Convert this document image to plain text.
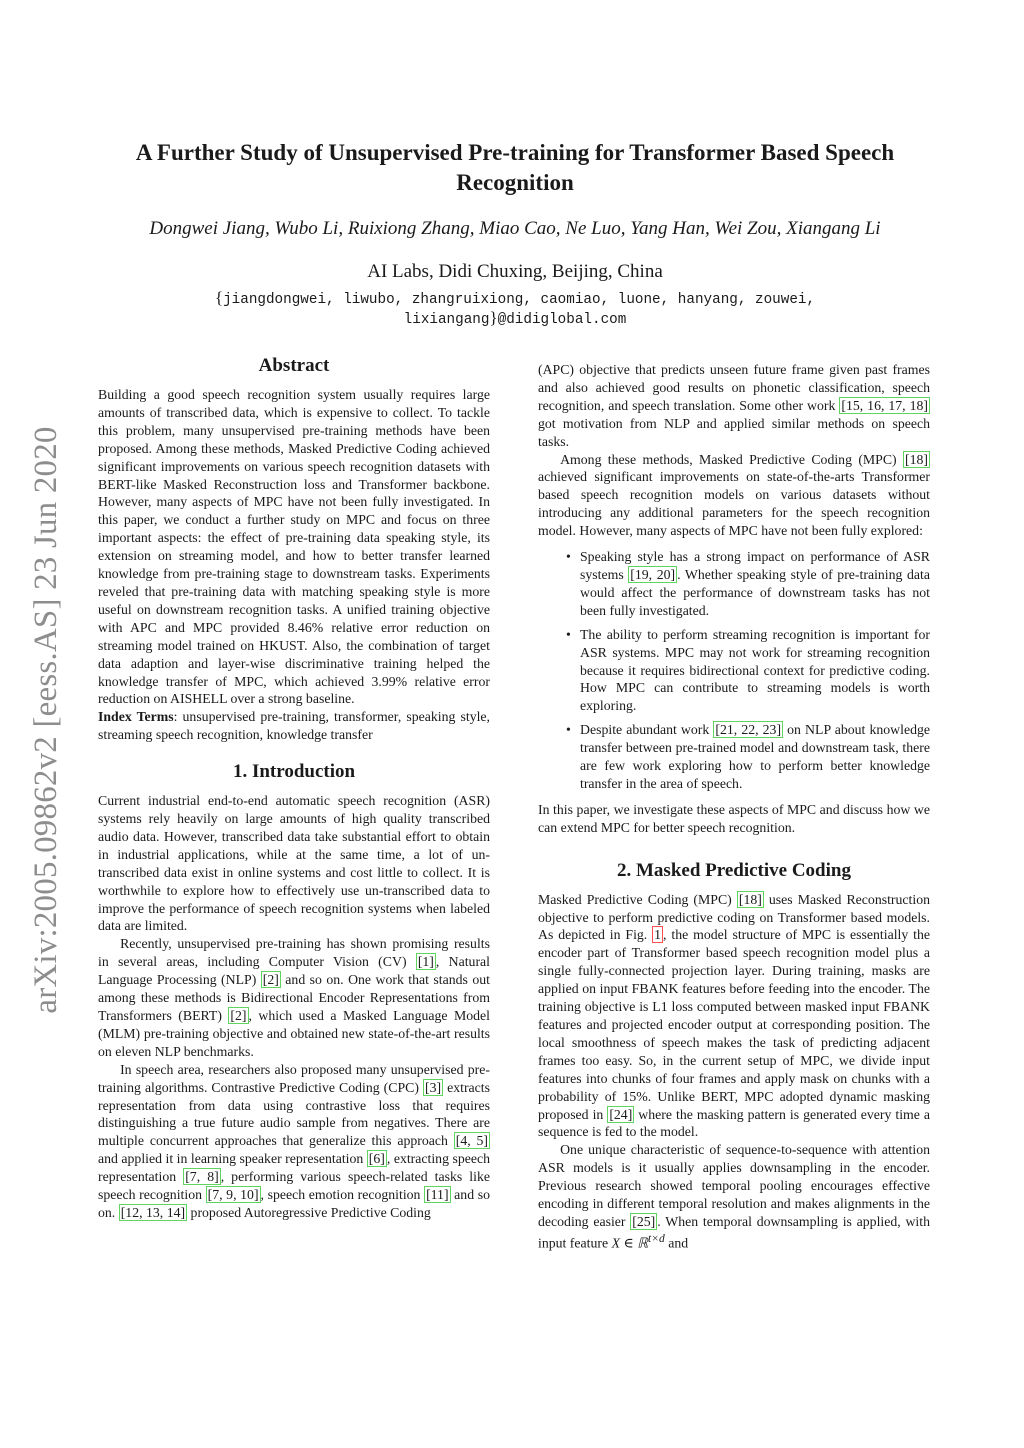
arXiv:2005.09862v2 [eess.AS] 23 Jun 2020
A Further Study of Unsupervised Pre-training for Transformer Based Speech Recognition
Dongwei Jiang, Wubo Li, Ruixiong Zhang, Miao Cao, Ne Luo, Yang Han, Wei Zou, Xiangang Li
AI Labs, Didi Chuxing, Beijing, China
{jiangdongwei, liwubo, zhangruixiong, caomiao, luone, hanyang, zouwei, lixiangang}@didiglobal.com
Abstract

Building a good speech recognition system usually requires large amounts of transcribed data, which is expensive to collect. To tackle this problem, many unsupervised pre-training methods have been proposed. Among these methods, Masked Predictive Coding achieved significant improvements on various speech recognition datasets with BERT-like Masked Reconstruction loss and Transformer backbone. However, many aspects of MPC have not been fully investigated. In this paper, we conduct a further study on MPC and focus on three important aspects: the effect of pre-training data speaking style, its extension on streaming model, and how to better transfer learned knowledge from pre-training stage to downstream tasks. Experiments reveled that pre-training data with matching speaking style is more useful on downstream recognition tasks. A unified training objective with APC and MPC provided 8.46% relative error reduction on streaming model trained on HKUST. Also, the combination of target data adaption and layer-wise discriminative training helped the knowledge transfer of MPC, which achieved 3.99% relative error reduction on AISHELL over a strong baseline.

Index Terms: unsupervised pre-training, transformer, speaking style, streaming speech recognition, knowledge transfer

1. Introduction

Current industrial end-to-end automatic speech recognition (ASR) systems rely heavily on large amounts of high quality transcribed audio data. However, transcribed data take substantial effort to obtain in industrial applications, while at the same time, a lot of un-transcribed data exist in online systems and cost little to collect. It is worthwhile to explore how to effectively use un-transcribed data to improve the performance of speech recognition systems when labeled data are limited.

Recently, unsupervised pre-training has shown promising results in several areas, including Computer Vision (CV) [1] , Natural Language Processing (NLP) [2] and so on. One work that stands out among these methods is Bidirectional Encoder Representations from Transformers (BERT) [2] , which used a Masked Language Model (MLM) pre-training objective and obtained new state-of-the-art results on eleven NLP benchmarks.

In speech area, researchers also proposed many unsupervised pre-training algorithms. Contrastive Predictive Coding (CPC) [3] extracts representation from data using contrastive loss that requires distinguishing a true future audio sample from negatives. There are multiple concurrent approaches that generalize this approach [4, 5] and applied it in learning speaker representation [6] , extracting speech representation [7, 8] , performing various speech-related tasks like speech recognition [7, 9, 10] , speech emotion recognition [11] and so on. [12, 13, 14] proposed Autoregressive Predictive Coding

(APC) objective that predicts unseen future frame given past frames and also achieved good results on phonetic classification, speech recognition, and speech translation. Some other work [15, 16, 17, 18] got motivation from NLP and applied similar methods on speech tasks.

Among these methods, Masked Predictive Coding (MPC) [18] achieved significant improvements on state-of-the-arts Transformer based speech recognition models on various datasets without introducing any additional parameters for the speech recognition model. However, many aspects of MPC have not been fully explored:

• Speaking style has a strong impact on performance of ASR systems [19, 20] . Whether speaking style of pre-training data would affect the performance of downstream tasks has not been fully investigated.
• The ability to perform streaming recognition is important for ASR systems. MPC may not work for streaming recognition because it requires bidirectional context for predictive coding. How MPC can contribute to streaming models is worth exploring.
• Despite abundant work [21, 22, 23] on NLP about knowledge transfer between pre-trained model and downstream task, there are few work exploring how to perform better knowledge transfer in the area of speech.

In this paper, we investigate these aspects of MPC and discuss how we can extend MPC for better speech recognition.

2. Masked Predictive Coding

Masked Predictive Coding (MPC) [18] uses Masked Reconstruction objective to perform predictive coding on Transformer based models. As depicted in Fig. 1 , the model structure of MPC is essentially the encoder part of Transformer based speech recognition model plus a single fully-connected projection layer. During training, masks are applied on input FBANK features before feeding into the encoder. The training objective is L1 loss computed between masked input FBANK features and projected encoder output at corresponding position. The local smoothness of speech makes the task of predicting adjacent frames too easy. So, in the current setup of MPC, we divide input features into chunks of four frames and apply mask on chunks with a probability of 15%. Unlike BERT, MPC adopted dynamic masking proposed in [24] where the masking pattern is generated every time a sequence is fed to the model.

One unique characteristic of sequence-to-sequence with attention ASR models is it usually applies downsampling in the encoder. Previous research showed temporal pooling encourages effective encoding in different temporal resolution and makes alignments in the decoding easier [25] . When temporal downsampling is applied, with input feature X ∈ ℝ$^{t\times d}$ and
